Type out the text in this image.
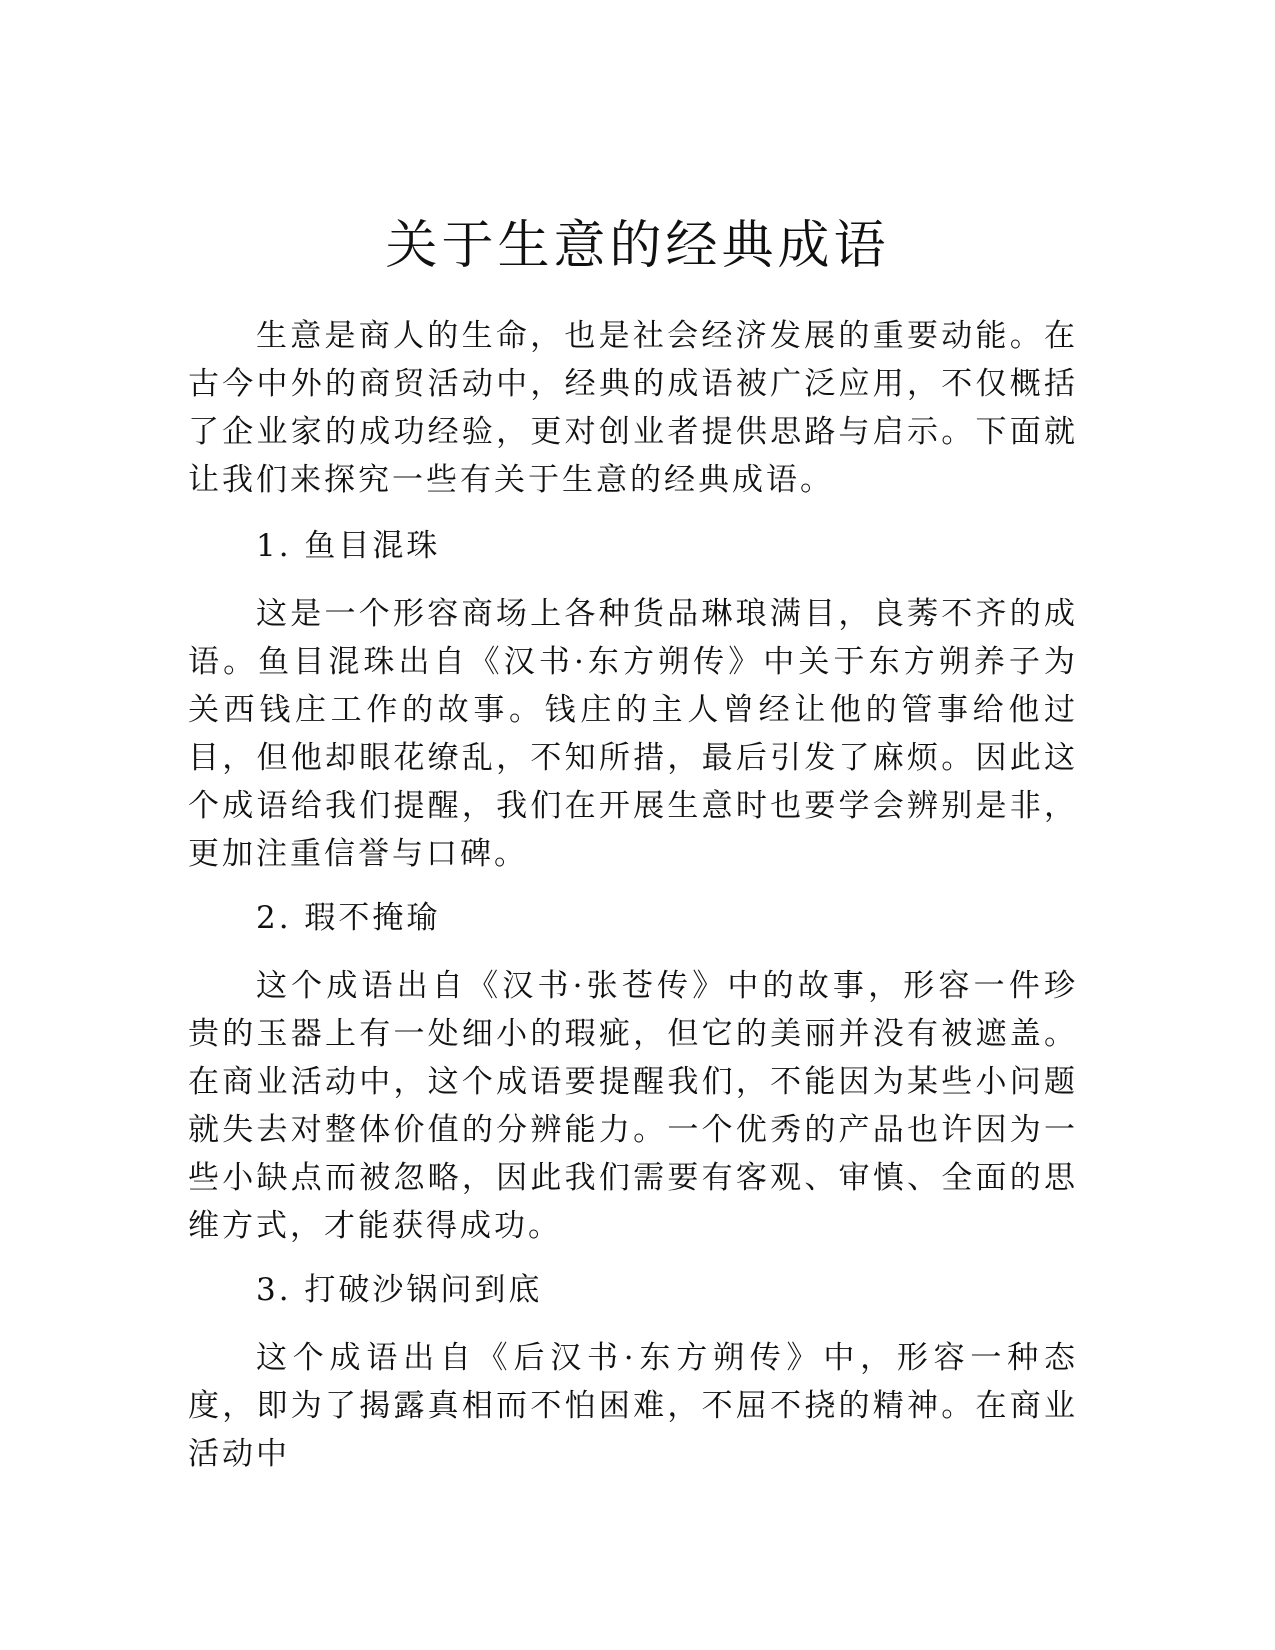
关于生意的经典成语

生意是商人的生命，也是社会经济发展的重要动能。在古今中外的商贸活动中，经典的成语被广泛应用，不仅概括了企业家的成功经验，更对创业者提供思路与启示。下面就让我们来探究一些有关于生意的经典成语。

1. 鱼目混珠

这是一个形容商场上各种货品琳琅满目，良莠不齐的成语。鱼目混珠出自《汉书·东方朔传》中关于东方朔养子为关西钱庄工作的故事。钱庄的主人曾经让他的管事给他过目，但他却眼花缭乱，不知所措，最后引发了麻烦。因此这个成语给我们提醒，我们在开展生意时也要学会辨别是非，更加注重信誉与口碑。

2. 瑕不掩瑜

这个成语出自《汉书·张苍传》中的故事，形容一件珍贵的玉器上有一处细小的瑕疵，但它的美丽并没有被遮盖。在商业活动中，这个成语要提醒我们，不能因为某些小问题就失去对整体价值的分辨能力。一个优秀的产品也许因为一些小缺点而被忽略，因此我们需要有客观、审慎、全面的思维方式，才能获得成功。

3. 打破沙锅问到底

这个成语出自《后汉书·东方朔传》中，形容一种态度，即为了揭露真相而不怕困难，不屈不挠的精神。在商业活动中
